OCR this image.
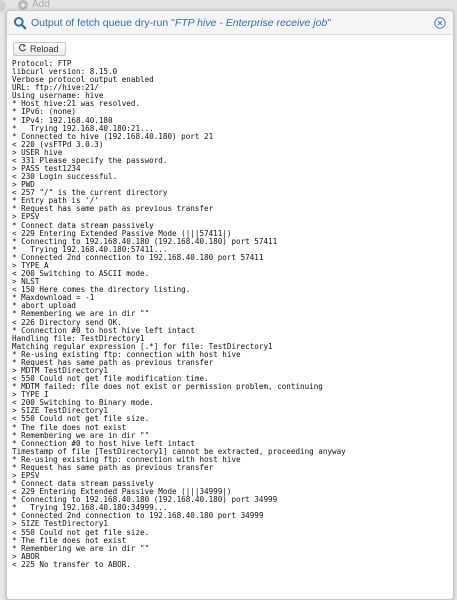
+ Add
Output of fetch queue dry-run "FTP hive - Enterprise receive job"
Reload
Protocol: FTP
libcurl version: 8.15.0
Verbose protocol output enabled
URL: ftp://hive:21/
Using username: hive
* Host hive:21 was resolved.
* IPv6: (none)
* IPv4: 192.168.40.180
*   Trying 192.168.40.180:21...
* Connected to hive (192.168.40.180) port 21
< 220 (vsFTPd 3.0.3)
> USER hive
< 331 Please specify the password.
> PASS test1234
< 230 Login successful.
> PWD
< 257 "/" is the current directory
* Entry path is '/'
* Request has same path as previous transfer
> EPSV
* Connect data stream passively
< 229 Entering Extended Passive Mode (|||57411|)
* Connecting to 192.168.40.180 (192.168.40.180) port 57411
*   Trying 192.168.40.180:57411...
* Connected 2nd connection to 192.168.40.180 port 57411
> TYPE A
< 200 Switching to ASCII mode.
> NLST
< 150 Here comes the directory listing.
* Maxdownload = -1
* abort upload
* Remembering we are in dir ""
< 226 Directory send OK.
* Connection #0 to host hive left intact
Handling file: TestDirectory1
Matching regular expression [.*] for file: TestDirectory1
* Re-using existing ftp: connection with host hive
* Request has same path as previous transfer
> MDTM TestDirectory1
< 550 Could not get file modification time.
* MDTM failed: file does not exist or permission problem, continuing
> TYPE I
< 200 Switching to Binary mode.
> SIZE TestDirectory1
< 550 Could not get file size.
* The file does not exist
* Remembering we are in dir ""
* Connection #0 to host hive left intact
Timestamp of file [TestDirectory1] cannot be extracted, proceeding anyway
* Re-using existing ftp: connection with host hive
* Request has same path as previous transfer
> EPSV
* Connect data stream passively
< 229 Entering Extended Passive Mode (|||34999|)
* Connecting to 192.168.40.180 (192.168.40.180) port 34999
*   Trying 192.168.40.180:34999...
* Connected 2nd connection to 192.168.40.180 port 34999
> SIZE TestDirectory1
< 550 Could not get file size.
* The file does not exist
* Remembering we are in dir ""
> ABOR
< 225 No transfer to ABOR.
